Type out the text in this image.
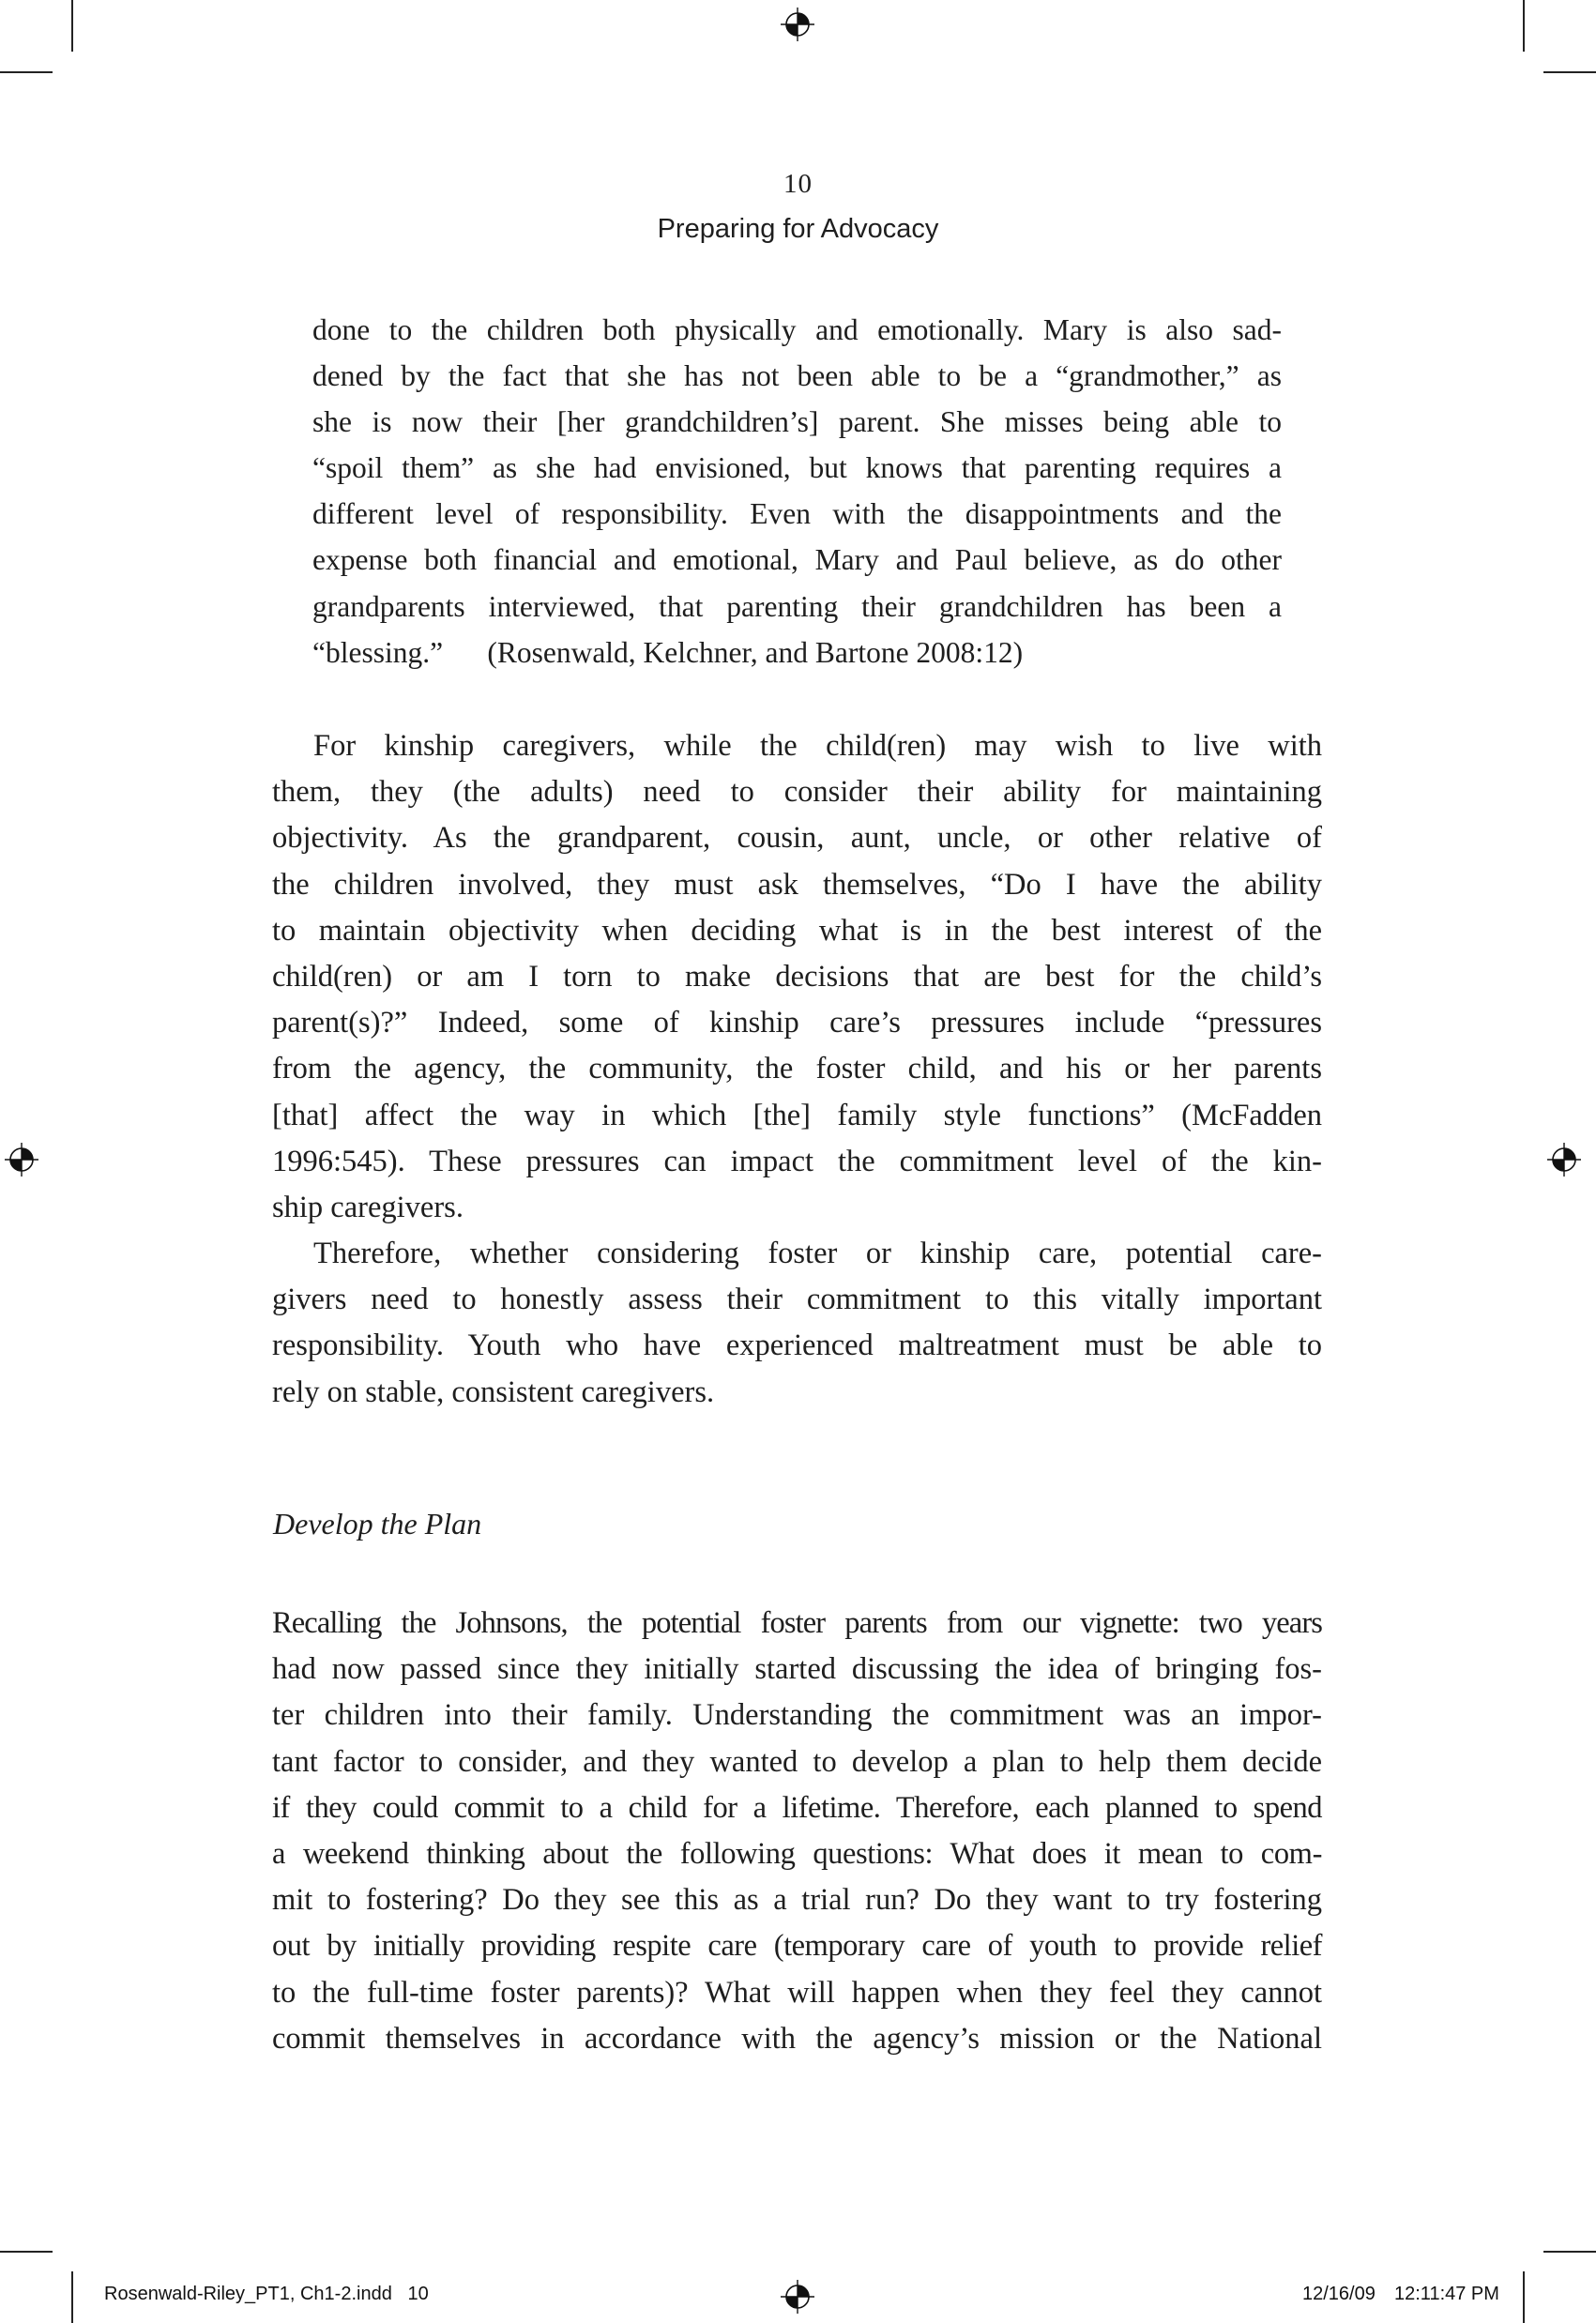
10
Preparing for Advocacy
done to the children both physically and emotionally. Mary is also sad-
dened by the fact that she has not been able to be a “grandmother,” as
she is now their [her grandchildren’s] parent. She misses being able to
“spoil them” as she had envisioned, but knows that parenting requires a
different level of responsibility. Even with the disappointments and the
expense both financial and emotional, Mary and Paul believe, as do other
grandparents interviewed, that parenting their grandchildren has been a
“blessing.”   (Rosenwald, Kelchner, and Bartone 2008:12)
For kinship caregivers, while the child(ren) may wish to live with
them, they (the adults) need to consider their ability for maintaining
objectivity. As the grandparent, cousin, aunt, uncle, or other relative of
the children involved, they must ask themselves, “Do I have the ability
to maintain objectivity when deciding what is in the best interest of the
child(ren) or am I torn to make decisions that are best for the child’s
parent(s)?” Indeed, some of kinship care’s pressures include “pressures
from the agency, the community, the foster child, and his or her parents
[that] affect the way in which [the] family style functions” (McFadden
1996:545). These pressures can impact the commitment level of the kin-
ship caregivers.
Therefore, whether considering foster or kinship care, potential care-
givers need to honestly assess their commitment to this vitally important
responsibility. Youth who have experienced maltreatment must be able to
rely on stable, consistent caregivers.
Develop the Plan
Recalling the Johnsons, the potential foster parents from our vignette: two years
had now passed since they initially started discussing the idea of bringing fos-
ter children into their family. Understanding the commitment was an impor-
tant factor to consider, and they wanted to develop a plan to help them decide
if they could commit to a child for a lifetime. Therefore, each planned to spend
a weekend thinking about the following questions: What does it mean to com-
mit to fostering? Do they see this as a trial run? Do they want to try fostering
out by initially providing respite care (temporary care of youth to provide relief
to the full-time foster parents)? What will happen when they feel they cannot
commit themselves in accordance with the agency’s mission or the National
Rosenwald-Riley_PT1, Ch1-2.indd   10	12/16/09 12:11:47 PM
